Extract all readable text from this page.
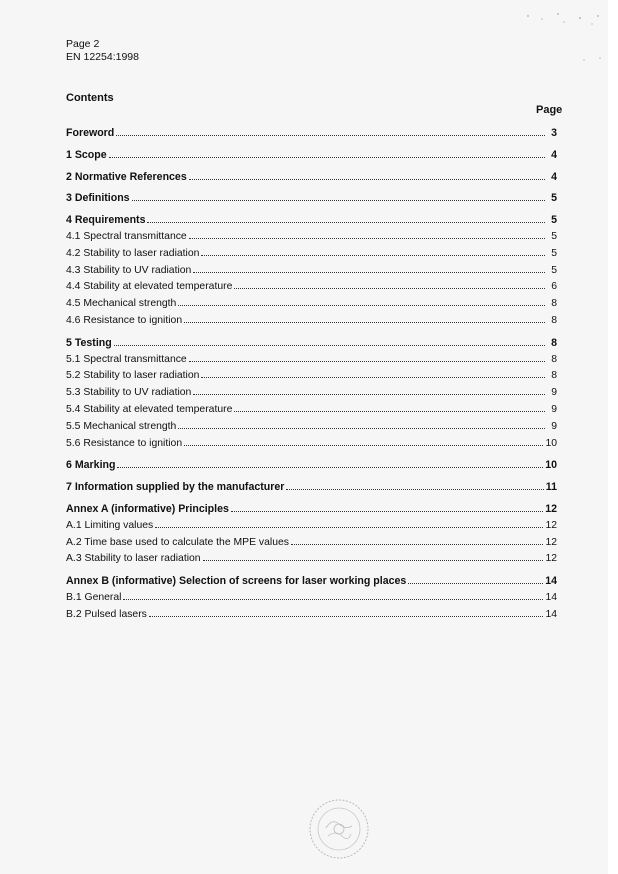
Page 2
EN 12254:1998
Contents
Page
Foreword	3
1 Scope	4
2 Normative References	4
3 Definitions	5
4 Requirements	5
4.1 Spectral transmittance	5
4.2 Stability to laser radiation	5
4.3 Stability to UV radiation	5
4.4 Stability at elevated temperature	6
4.5 Mechanical strength	8
4.6 Resistance to ignition	8
5 Testing	8
5.1 Spectral transmittance	8
5.2 Stability to laser radiation	8
5.3 Stability to UV radiation	9
5.4 Stability at elevated temperature	9
5.5 Mechanical strength	9
5.6 Resistance to ignition	10
6 Marking	10
7 Information supplied by the manufacturer	11
Annex A (informative) Principles	12
A.1 Limiting values	12
A.2 Time base used to calculate the MPE values	12
A.3 Stability to laser radiation	12
Annex B (informative) Selection of screens for laser working places	14
B.1 General	14
B.2 Pulsed lasers	14
